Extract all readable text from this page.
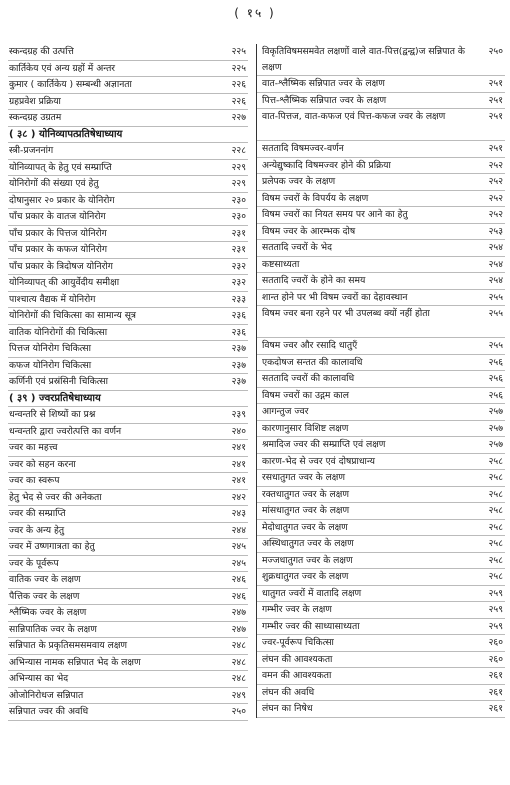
( १५ )
स्कन्दग्रह की उत्पत्ति	२२५
कार्तिकेय एवं अन्य ग्रहों में अन्तर	२२५
कुमार ( कार्तिकेय ) सम्बन्धी अज्ञानता	२२६
ग्रहप्रवेश प्रक्रिया	२२६
स्कन्दग्रह उग्रतम	२२७
( ३८ ) योनिव्यापत्प्रतिषेधाध्याय
स्त्री-प्रजननांग	२२८
योनिव्यापत् के हेतु एवं सम्प्राप्ति	२२९
योनिरोगों की संख्या एवं हेतु	२२९
दोषानुसार २० प्रकार के योनिरोग	२३०
पाँच प्रकार के वातज योनिरोग	२३०
पाँच प्रकार के पित्तज योनिरोग	२३१
पाँच प्रकार के कफज योनिरोग	२३१
पाँच प्रकार के त्रिदोषज योनिरोग	२३२
योनिव्यापत् की आयुर्वेदीय समीक्षा	२३२
पाश्चात्य वैद्यक में योनिरोग	२३३
योनिरोगों की चिकित्सा का सामान्य सूत्र	२३६
वातिक योनिरोगों की चिकित्सा	२३६
पित्तज योनिरोग चिकित्सा	२३७
कफज योनिरोग चिकित्सा	२३७
कर्णिनी एवं प्रस्रंसिनी चिकित्सा	२३७
( ३९ ) ज्वरप्रतिषेधाध्याय
धन्वन्तरि से शिष्यों का प्रश्न	२३९
धन्वन्तरि द्वारा ज्वरोत्पत्ति का वर्णन	२४०
ज्वर का महत्त्व	२४१
ज्वर को सहन करना	२४१
ज्वर का स्वरूप	२४१
हेतु भेद से ज्वर की अनेकता	२४२
ज्वर की सम्प्राप्ति	२४३
ज्वर के अन्य हेतु	२४४
ज्वर में उष्णगात्रता का हेतु	२४५
ज्वर के पूर्वरूप	२४५
वातिक ज्वर के लक्षण	२४६
पैत्तिक ज्वर के लक्षण	२४६
श्लैष्मिक ज्वर के लक्षण	२४७
सान्निपातिक ज्वर के लक्षण	२४७
सन्निपात के प्रकृतिसमसमवाय लक्षण	२४८
अभिन्यास नामक सन्निपात भेद के लक्षण	२४८
अभिन्यास का भेद	२४८
ओजोनिरोधज सन्निपात	२४९
सन्निपात ज्वर की अवधि	२५०
विकृतिविषमसमवेत लक्षणों वाले वात-पित्त(द्वन्द्व)ज सन्निपात के लक्षण
२५०
वात-श्लैष्मिक सन्निपात ज्वर के लक्षण	२५१
पित्त-श्लैष्मिक सन्निपात ज्वर के लक्षण	२५१
वात-पित्तज, वात-कफज एवं पित्त-कफज ज्वर के लक्षण	२५१
सततादि विषमज्वर-वर्णन	२५१
अन्येद्युष्कादि विषमज्वर होने की प्रक्रिया	२५२
प्रलेपक ज्वर के लक्षण	२५२
विषम ज्वरों के विपर्यय के लक्षण	२५२
विषम ज्वरों का नियत समय पर आने का हेतु	२५२
विषम ज्वर के आरम्भक दोष	२५३
सततादि ज्वरों के भेद	२५४
कष्टसाध्यता	२५४
सततादि ज्वरों के होने का समय	२५४
शान्त होने पर भी विषम ज्वरों का देहावस्थान	२५५
विषम ज्वर बना रहने पर भी उपलब्ध क्यों नहीं होता	२५५
विषम ज्वर और रसादि धातुएँ	२५५
एकदोषज सन्तत की कालावधि	२५६
सततादि ज्वरों की कालावधि	२५६
विषम ज्वरों का उद्गम काल	२५६
आगन्तुज ज्वर	२५७
कारणानुसार विशिष्ट लक्षण	२५७
श्रमादिज ज्वर की सम्प्राप्ति एवं लक्षण	२५७
कारण-भेद से ज्वर एवं दोषप्राधान्य	२५८
रसधातुगत ज्वर के लक्षण	२५८
रक्तधातुगत ज्वर के लक्षण	२५८
मांसधातुगत ज्वर के लक्षण	२५८
मेदोधातुगत ज्वर के लक्षण	२५८
अस्थिधातुगत ज्वर के लक्षण	२५८
मज्जधातुगत ज्वर के लक्षण	२५८
शुक्रधातुगत ज्वर के लक्षण	२५८
धातुगत ज्वरों में वातादि लक्षण	२५९
गम्भीर ज्वर के लक्षण	२५९
गम्भीर ज्वर की साध्यासाध्यता	२५९
ज्वर-पूर्वरूप चिकित्सा	२६०
लंघन की आवश्यकता	२६०
वमन की आवश्यकता	२६१
लंघन की अवधि	२६१
लंघन का निषेध	२६१
